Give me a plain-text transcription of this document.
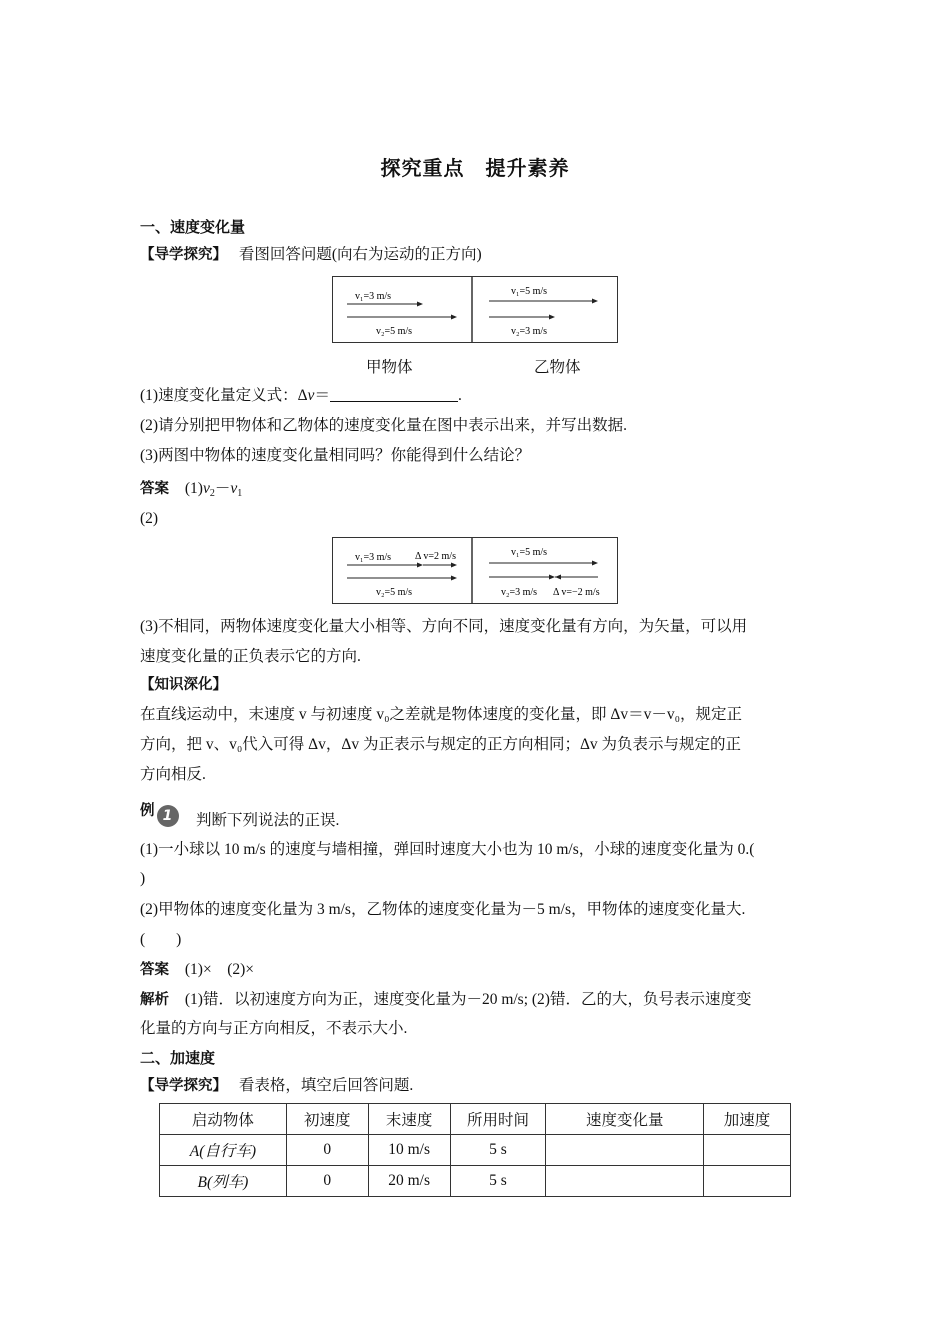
探究重点　提升素养
一、速度变化量
【导学探究】 看图回答问题(向右为运动的正方向)
v₁=3 m/s
v₂=5 m/s
v₁=5 m/s
v₂=3 m/s
甲物体	乙物体
(1)速度变化量定义式：Δv＝	.
(2)请分别把甲物体和乙物体的速度变化量在图中表示出来，并写出数据.
(3)两图中物体的速度变化量相同吗？你能得到什么结论？
答案 $(1)v_2-v_1$
(2)
v₁=3 m/s Δ v=2 m/s
v₂=5 m/s
v₁=5 m/s
v₂=3 m/s Δ v=−2 m/s
(3)不相同，两物体速度变化量大小相等、方向不同，速度变化量有方向，为矢量，可以用
速度变化量的正负表示它的方向.
【知识深化】
在直线运动中，末速度 v 与初速度 v₀之差就是物体速度的变化量，即 Δv＝v－v₀，规定正
方向，把 v、v₀代入可得 Δv，Δv 为正表示与规定的正方向相同；Δv 为负表示与规定的正
方向相反.
例 1	判断下列说法的正误.
(1)一小球以 10 m/s 的速度与墙相撞，弹回时速度大小也为 10 m/s，小球的速度变化量为 0.(
)
(2)甲物体的速度变化量为 3 m/s，乙物体的速度变化量为－5 m/s，甲物体的速度变化量大.
(　　)
答案 (1)×　(2)×
解析 (1)错．以初速度方向为正，速度变化量为－20 m/s; (2)错．乙的大，负号表示速度变
化量的方向与正方向相反，不表示大小.
二、加速度
【导学探究】 看表格，填空后回答问题.
启动物体	初速度	末速度	所用时间	速度变化量	加速度
A(自行车)	0	10 m/s	5 s		
B(列车)	0	20 m/s	5 s		
